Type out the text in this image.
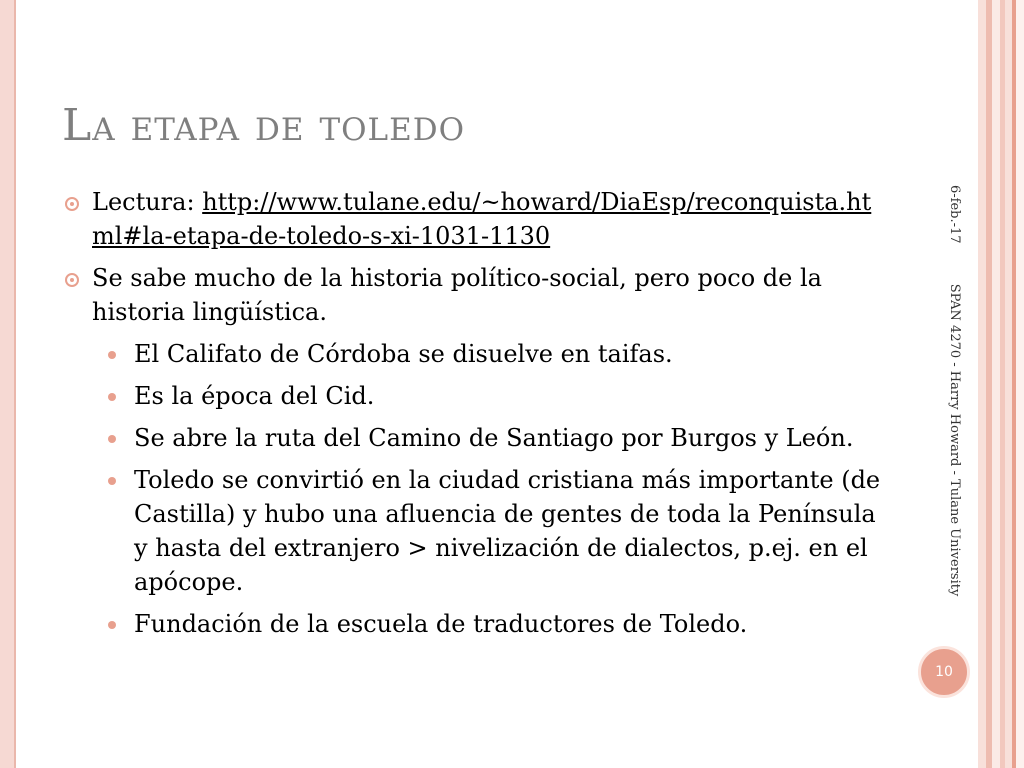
La etapa de toledo
Lectura: http://www.tulane.edu/~howard/DiaEsp/reconquista.html#la-etapa-de-toledo-s-xi-1031-1130
Se sabe mucho de la historia político-social, pero poco de la historia lingüística.
El Califato de Córdoba se disuelve en taifas.
Es la época del Cid.
Se abre la ruta del Camino de Santiago por Burgos y León.
Toledo se convirtió en la ciudad cristiana más importante (de Castilla) y hubo una afluencia de gentes de toda la Península y hasta del extranjero > nivelización de dialectos, p.ej. en el apócope.
Fundación de la escuela de traductores de Toledo.
6-feb.-17 SPAN 4270 - Harry Howard - Tulane University
10
